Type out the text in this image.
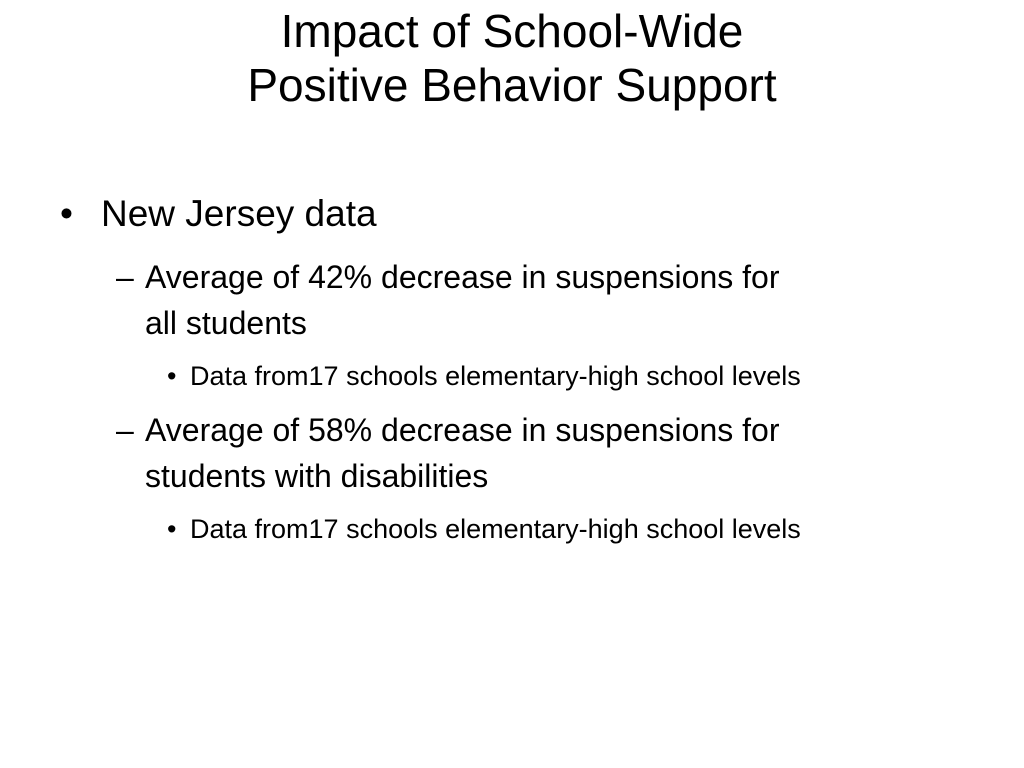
Impact of School-Wide
Positive Behavior Support
• New Jersey data
– Average of 42% decrease in suspensions for
all students
• Data from17 schools elementary-high school levels
– Average of 58% decrease in suspensions for
students with disabilities
• Data from17 schools elementary-high school levels
